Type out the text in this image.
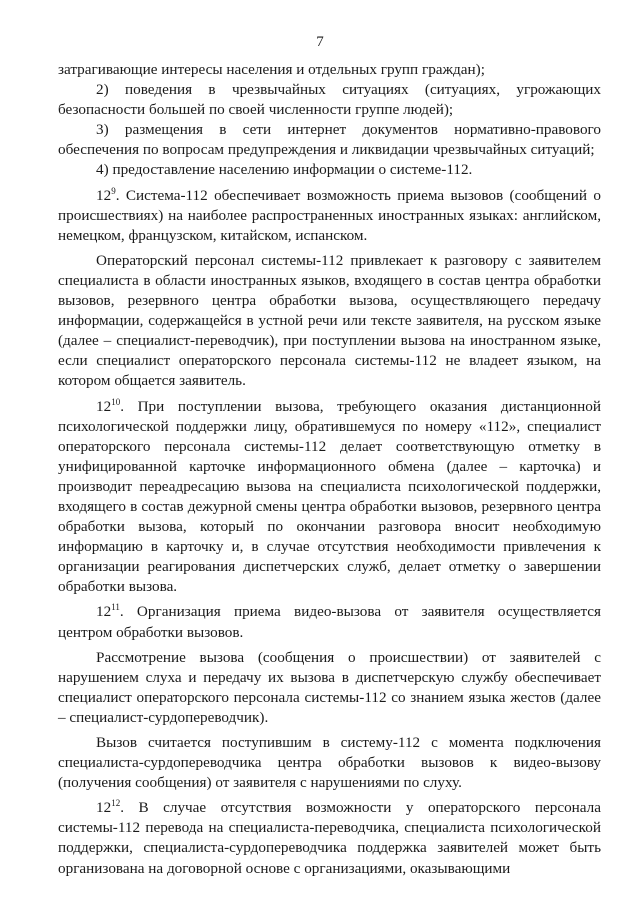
7

затрагивающие интересы населения и отдельных групп граждан);

2) поведения в чрезвычайных ситуациях (ситуациях, угрожающих безопасности большей по своей численности группе людей);

3) размещения в сети интернет документов нормативно-правового обеспечения по вопросам предупреждения и ликвидации чрезвычайных ситуаций;

4) предоставление населению информации о системе-112.

$12^9$. Система-112 обеспечивает возможность приема вызовов (сообщений о происшествиях) на наиболее распространенных иностранных языках: английском, немецком, французском, китайском, испанском.

Операторский персонал системы-112 привлекает к разговору с заявителем специалиста в области иностранных языков, входящего в состав центра обработки вызовов, резервного центра обработки вызова, осуществляющего передачу информации, содержащейся в устной речи или тексте заявителя, на русском языке (далее – специалист-переводчик), при поступлении вызова на иностранном языке, если специалист операторского персонала системы-112 не владеет языком, на котором общается заявитель.

$12^{10}$. При поступлении вызова, требующего оказания дистанционной психологической поддержки лицу, обратившемуся по номеру «112», специалист операторского персонала системы-112 делает соответствующую отметку в унифицированной карточке информационного обмена (далее – карточка) и производит переадресацию вызова на специалиста психологической поддержки, входящего в состав дежурной смены центра обработки вызовов, резервного центра обработки вызова, который по окончании разговора вносит необходимую информацию в карточку и, в случае отсутствия необходимости привлечения к организации реагирования диспетчерских служб, делает отметку о завершении обработки вызова.

$12^{11}$. Организация приема видео-вызова от заявителя осуществляется центром обработки вызовов.

Рассмотрение вызова (сообщения о происшествии) от заявителей с нарушением слуха и передачу их вызова в диспетчерскую службу обеспечивает специалист операторского персонала системы-112 со знанием языка жестов (далее – специалист-сурдопереводчик).

Вызов считается поступившим в систему-112 с момента подключения специалиста-сурдопереводчика центра обработки вызовов к видео-вызову (получения сообщения) от заявителя с нарушениями по слуху.

$12^{12}$. В случае отсутствия возможности у операторского персонала системы-112 перевода на специалиста-переводчика, специалиста психологической поддержки, специалиста-сурдопереводчика поддержка заявителей может быть организована на договорной основе с организациями, оказывающими
